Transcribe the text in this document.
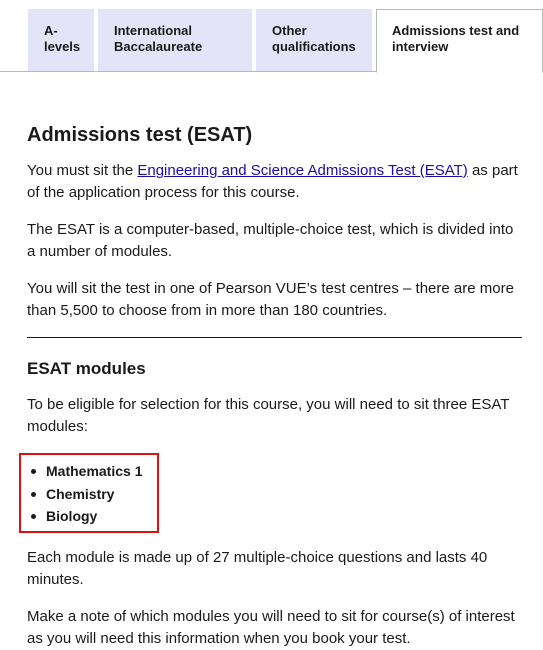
A-
levels
International
Baccalaureate
Other
qualifications
Admissions test and
interview
Admissions test (ESAT)

You must sit the Engineering and Science Admissions Test (ESAT) as part of the application process for this course.

The ESAT is a computer-based, multiple-choice test, which is divided into a number of modules.

You will sit the test in one of Pearson VUE’s test centres – there are more than 5,500 to choose from in more than 180 countries.

ESAT modules

To be eligible for selection for this course, you will need to sit three ESAT modules:

Mathematics 1
Chemistry
Biology

Each module is made up of 27 multiple-choice questions and lasts 40 minutes.

Make a note of which modules you will need to sit for course(s) of interest as you will need this information when you book your test.
